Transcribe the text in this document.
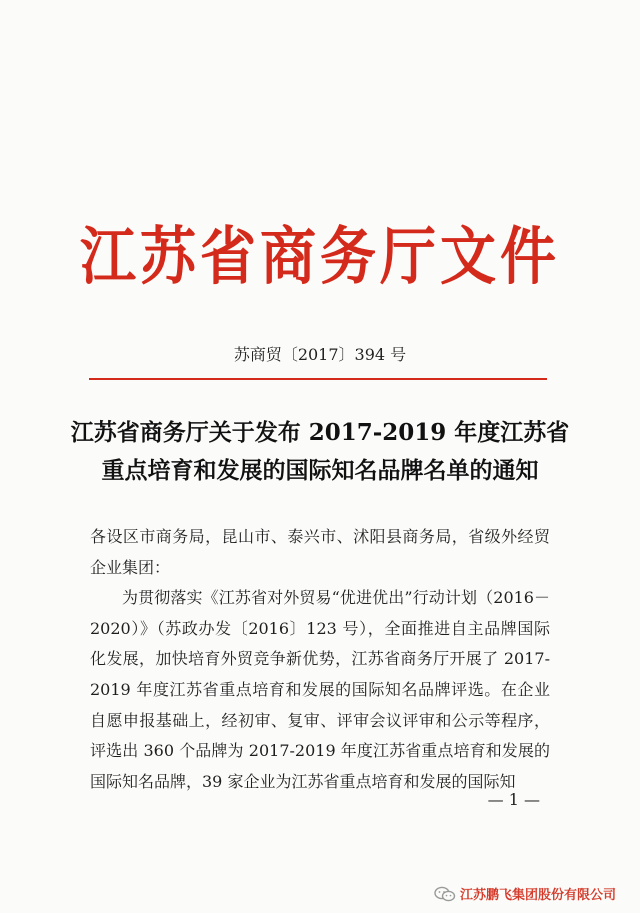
江苏省商务厅文件
苏商贸〔2017〕394 号
江苏省商务厅关于发布 2017-2019 年度江苏省
重点培育和发展的国际知名品牌名单的通知

各设区市商务局，昆山市、泰兴市、沭阳县商务局，省级外经贸企业集团：

为贯彻落实《江苏省对外贸易“优进优出”行动计划（2016－2020）》（苏政办发〔2016〕123 号），全面推进自主品牌国际化发展，加快培育外贸竞争新优势，江苏省商务厅开展了 2017-2019 年度江苏省重点培育和发展的国际知名品牌评选。在企业自愿申报基础上，经初审、复审、评审会议评审和公示等程序，评选出 360 个品牌为 2017-2019 年度江苏省重点培育和发展的国际知名品牌，39 家企业为江苏省重点培育和发展的国际知

— 1 —
江苏鹏飞集团股份有限公司
